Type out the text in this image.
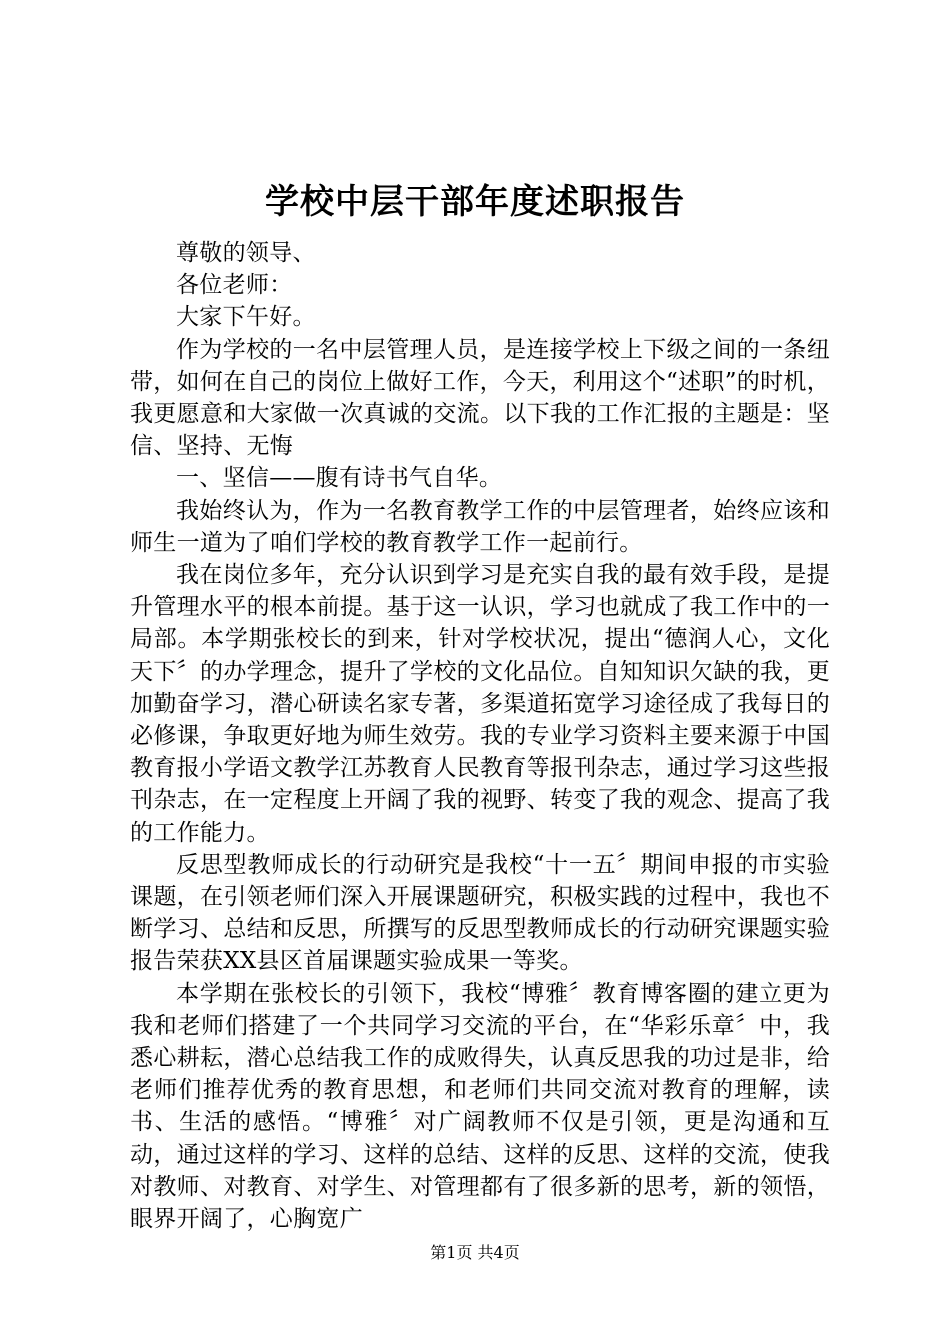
学校中层干部年度述职报告

尊敬的领导、

各位老师：

大家下午好。

作为学校的一名中层管理人员，是连接学校上下级之间的一条纽带，如何在自己的岗位上做好工作，今天，利用这个“述职”的时机，我更愿意和大家做一次真诚的交流。以下我的工作汇报的主题是：坚信、坚持、无悔

一、坚信——腹有诗书气自华。

我始终认为，作为一名教育教学工作的中层管理者，始终应该和师生一道为了咱们学校的教育教学工作一起前行。

我在岗位多年，充分认识到学习是充实自我的最有效手段，是提升管理水平的根本前提。基于这一认识，学习也就成了我工作中的一局部。本学期张校长的到来，针对学校状况，提出“德润人心，文化天下〞的办学理念，提升了学校的文化品位。自知知识欠缺的我，更加勤奋学习，潜心研读名家专著，多渠道拓宽学习途径成了我每日的必修课，争取更好地为师生效劳。我的专业学习资料主要来源于中国教育报小学语文教学江苏教育人民教育等报刊杂志，通过学习这些报刊杂志，在一定程度上开阔了我的视野、转变了我的观念、提高了我的工作能力。

反思型教师成长的行动研究是我校“十一五〞期间申报的市实验课题，在引领老师们深入开展课题研究，积极实践的过程中，我也不断学习、总结和反思，所撰写的反思型教师成长的行动研究课题实验报告荣获XX县区首届课题实验成果一等奖。

本学期在张校长的引领下，我校“博雅〞教育博客圈的建立更为我和老师们搭建了一个共同学习交流的平台，在“华彩乐章〞中，我悉心耕耘，潜心总结我工作的成败得失，认真反思我的功过是非，给老师们推荐优秀的教育思想，和老师们共同交流对教育的理解，读书、生活的感悟。“博雅〞对广阔教师不仅是引领，更是沟通和互动，通过这样的学习、这样的总结、这样的反思、这样的交流，使我对教师、对教育、对学生、对管理都有了很多新的思考，新的领悟，眼界开阔了，心胸宽广

第1页 共4页
